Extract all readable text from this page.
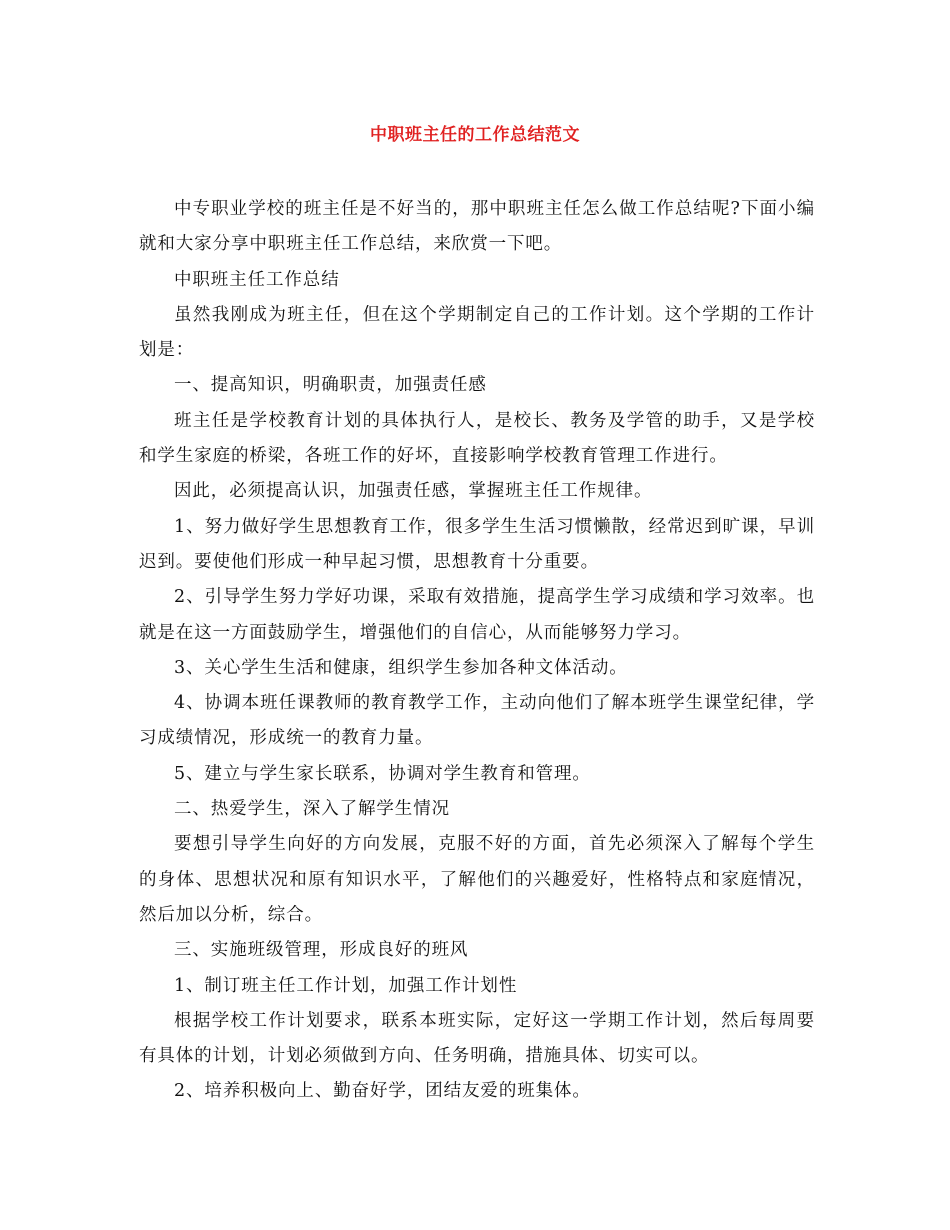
中职班主任的工作总结范文

中专职业学校的班主任是不好当的，那中职班主任怎么做工作总结呢?下面小编就和大家分享中职班主任工作总结，来欣赏一下吧。

中职班主任工作总结

虽然我刚成为班主任，但在这个学期制定自己的工作计划。这个学期的工作计划是：

一、提高知识，明确职责，加强责任感

班主任是学校教育计划的具体执行人，是校长、教务及学管的助手，又是学校和学生家庭的桥梁，各班工作的好坏，直接影响学校教育管理工作进行。

因此，必须提高认识，加强责任感，掌握班主任工作规律。

1、努力做好学生思想教育工作，很多学生生活习惯懒散，经常迟到旷课，早训迟到。要使他们形成一种早起习惯，思想教育十分重要。

2、引导学生努力学好功课，采取有效措施，提高学生学习成绩和学习效率。也就是在这一方面鼓励学生，增强他们的自信心，从而能够努力学习。

3、关心学生生活和健康，组织学生参加各种文体活动。

4、协调本班任课教师的教育教学工作，主动向他们了解本班学生课堂纪律，学习成绩情况，形成统一的教育力量。

5、建立与学生家长联系，协调对学生教育和管理。

二、热爱学生，深入了解学生情况

要想引导学生向好的方向发展，克服不好的方面，首先必须深入了解每个学生的身体、思想状况和原有知识水平，了解他们的兴趣爱好，性格特点和家庭情况，然后加以分析，综合。

三、实施班级管理，形成良好的班风

1、制订班主任工作计划，加强工作计划性

根据学校工作计划要求，联系本班实际，定好这一学期工作计划，然后每周要有具体的计划，计划必须做到方向、任务明确，措施具体、切实可以。

2、培养积极向上、勤奋好学，团结友爱的班集体。
